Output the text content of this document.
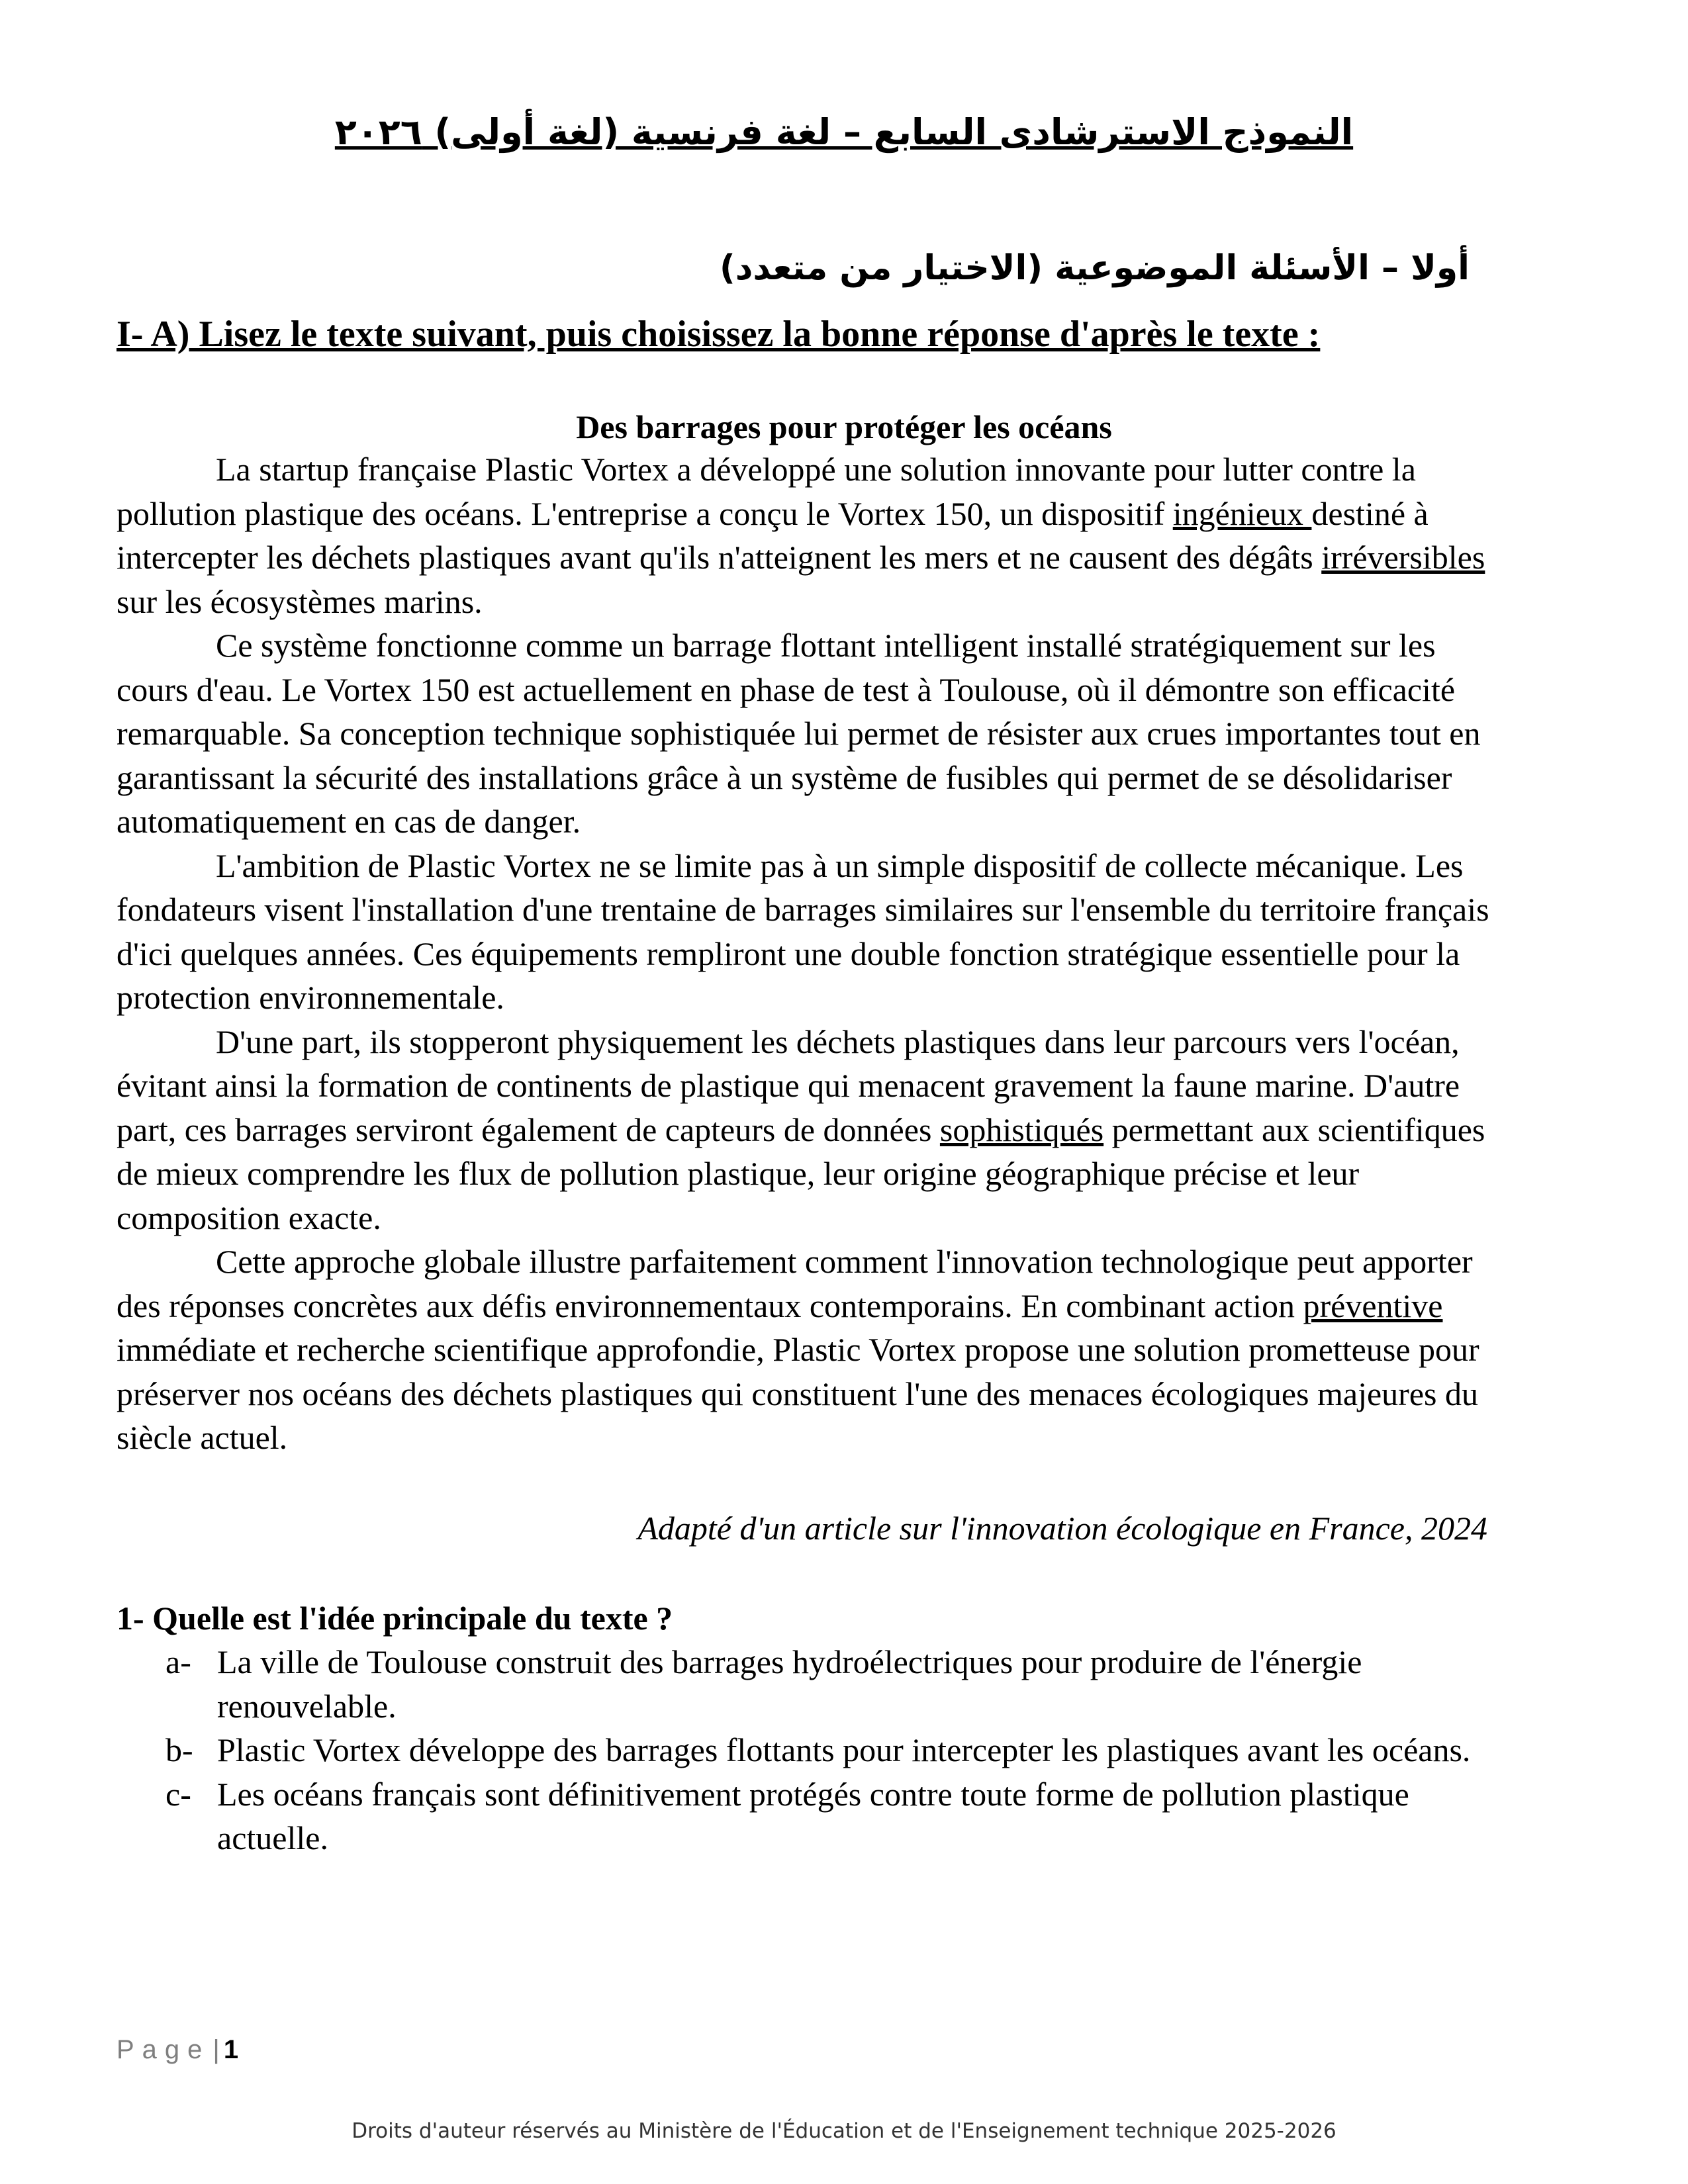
النموذج الاسترشادى السابع – لغة فرنسية (لغة أولى) ٢٠٢٦
أولا – الأسئلة الموضوعية (الاختيار من متعدد)
I- A) Lisez le texte suivant, puis choisissez la bonne réponse d'après le texte :
Des barrages pour protéger les océans

La startup française Plastic Vortex a développé une solution innovante pour lutter contre la pollution plastique des océans. L'entreprise a conçu le Vortex 150, un dispositif ingénieux destiné à intercepter les déchets plastiques avant qu'ils n'atteignent les mers et ne causent des dégâts irréversibles sur les écosystèmes marins.

Ce système fonctionne comme un barrage flottant intelligent installé stratégiquement sur les cours d'eau. Le Vortex 150 est actuellement en phase de test à Toulouse, où il démontre son efficacité remarquable. Sa conception technique sophistiquée lui permet de résister aux crues importantes tout en garantissant la sécurité des installations grâce à un système de fusibles qui permet de se désolidariser automatiquement en cas de danger.

L'ambition de Plastic Vortex ne se limite pas à un simple dispositif de collecte mécanique. Les fondateurs visent l'installation d'une trentaine de barrages similaires sur l'ensemble du territoire français d'ici quelques années. Ces équipements rempliront une double fonction stratégique essentielle pour la protection environnementale.

D'une part, ils stopperont physiquement les déchets plastiques dans leur parcours vers l'océan, évitant ainsi la formation de continents de plastique qui menacent gravement la faune marine. D'autre part, ces barrages serviront également de capteurs de données sophistiqués permettant aux scientifiques de mieux comprendre les flux de pollution plastique, leur origine géographique précise et leur composition exacte.

Cette approche globale illustre parfaitement comment l'innovation technologique peut apporter des réponses concrètes aux défis environnementaux contemporains. En combinant action préventive immédiate et recherche scientifique approfondie, Plastic Vortex propose une solution prometteuse pour préserver nos océans des déchets plastiques qui constituent l'une des menaces écologiques majeures du siècle actuel.

Adapté d'un article sur l'innovation écologique en France, 2024
1- Quelle est l'idée principale du texte ?
a- La ville de Toulouse construit des barrages hydroélectriques pour produire de l'énergie renouvelable.
b- Plastic Vortex développe des barrages flottants pour intercepter les plastiques avant les océans.
c- Les océans français sont définitivement protégés contre toute forme de pollution plastique actuelle.
Page | 1
Droits d'auteur réservés au Ministère de l'Éducation et de l'Enseignement technique 2025-2026
